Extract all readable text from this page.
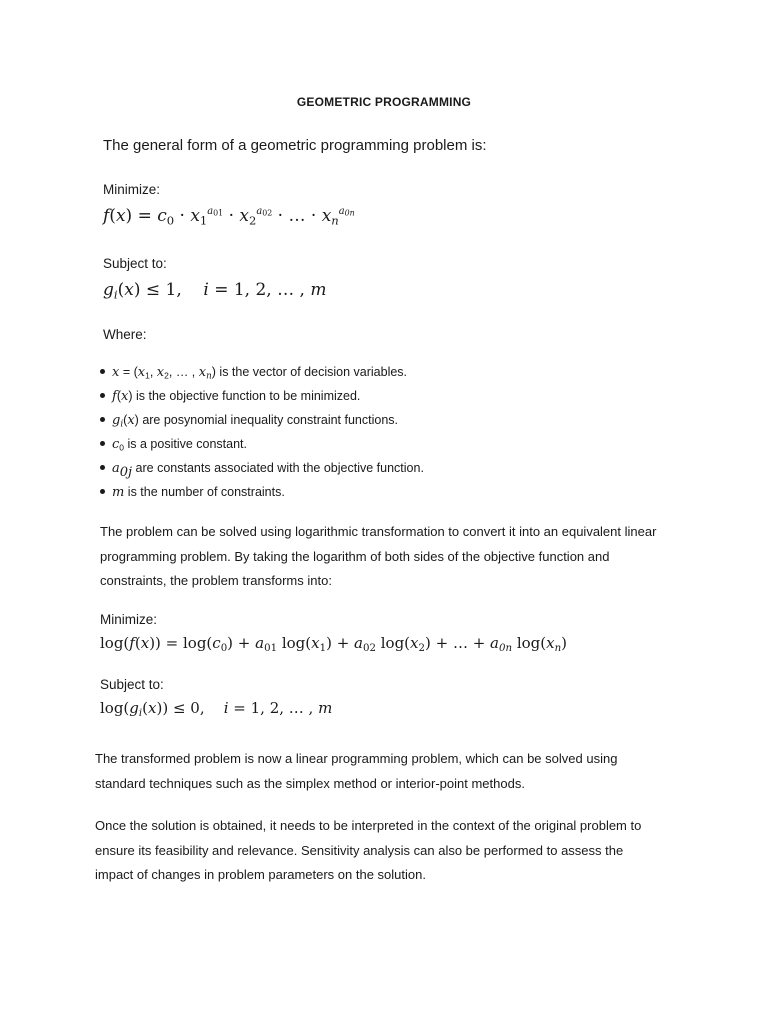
GEOMETRIC PROGRAMMING
The general form of a geometric programming problem is:
Minimize:
$f(x) = c_0 \cdot x_1^{a_{01}} \cdot x_2^{a_{02}}$ · … · $x_n^{a_{0n}}$
Subject to:
$g_i(x) \le 1$,    i = 1, 2, … , m
Where:
$x = (x_1$, $x_2$, … , $x_n$) is the vector of decision variables.
f(x) is the objective function to be minimized.
$g_i(x)$ are posynomial inequality constraint functions.
$c_0$ is a positive constant.
$a_{0j}$ are constants associated with the objective function.
m is the number of constraints.
The problem can be solved using logarithmic transformation to convert it into an equivalent linear
programming problem. By taking the logarithm of both sides of the objective function and
constraints, the problem transforms into:
Minimize:
$\log(f(x)) = \log(c_0) + a_{01}$ $\log(x_1) + a_{02}$ $\log(x_2)$ + … + $a_{0n}$ $\log(x_n)$
Subject to:
$\log(g_i(x)) \le 0$,    i = 1, 2, … , m
The transformed problem is now a linear programming problem, which can be solved using
standard techniques such as the simplex method or interior-point methods.
Once the solution is obtained, it needs to be interpreted in the context of the original problem to
ensure its feasibility and relevance. Sensitivity analysis can also be performed to assess the
impact of changes in problem parameters on the solution.
